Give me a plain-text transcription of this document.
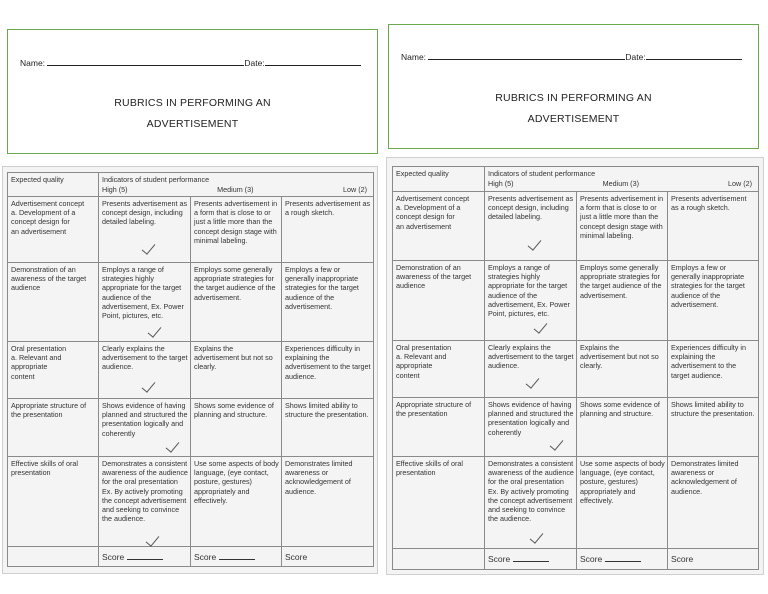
Name:	Date:
RUBRICS IN PERFORMING AN
ADVERTISEMENT
Expected quality	Indicators of student performance
High (5) Medium (3) Low (2)		

Advertisement concept
a. Development of a
concept design for
an advertisement	Presents advertisement as concept design, including detailed labeling.	Presents advertisement in a form that is close to or just a little more than the concept design stage with minimal labeling.	Presents advertisement as a rough sketch.
Demonstration of an awareness of the target audience	Employs a range of strategies highly appropriate for the target audience of the advertisement, Ex. Power Point, pictures, etc.	Employs some generally appropriate strategies for the target audience of the advertisement.	Employs a few or generally inappropriate strategies for the target audience of the advertisement.
Oral presentation
a. Relevant and
appropriate
content	Clearly explains the advertisement to the target audience.	Explains the advertisement but not so clearly.	Experiences difficulty in explaining the advertisement to the target audience.
Appropriate structure of the presentation	Shows evidence of having planned and structured the presentation logically and coherently	Shows some evidence of planning and structure.	Shows limited ability to structure the presentation.
Effective skills of oral presentation	Demonstrates a consistent awareness of the audience for the oral presentation Ex. By actively promoting the concept advertisement and seeking to convince the audience.	Use some aspects of body language, (eye contact, posture, gestures) appropriately and effectively.	Demonstrates limited awareness or acknowledgement of audience.
	Score	Score	Score
Name:	Date:
RUBRICS IN PERFORMING AN
ADVERTISEMENT
Expected quality	Indicators of student performance
High (5) Medium (3) Low (2)		

Advertisement concept
a. Development of a
concept design for
an advertisement	Presents advertisement as concept design, including detailed labeling.	Presents advertisement in a form that is close to or just a little more than the concept design stage with minimal labeling.	Presents advertisement as a rough sketch.
Demonstration of an awareness of the target audience	Employs a range of strategies highly appropriate for the target audience of the advertisement, Ex. Power Point, pictures, etc.	Employs some generally appropriate strategies for the target audience of the advertisement.	Employs a few or generally inappropriate strategies for the target audience of the advertisement.
Oral presentation
a. Relevant and
appropriate
content	Clearly explains the advertisement to the target audience.	Explains the advertisement but not so clearly.	Experiences difficulty in explaining the advertisement to the target audience.
Appropriate structure of the presentation	Shows evidence of having planned and structured the presentation logically and coherently	Shows some evidence of planning and structure.	Shows limited ability to structure the presentation.
Effective skills of oral presentation	Demonstrates a consistent awareness of the audience for the oral presentation Ex. By actively promoting the concept advertisement and seeking to convince the audience.	Use some aspects of body language, (eye contact, posture, gestures) appropriately and effectively.	Demonstrates limited awareness or acknowledgement of audience.
	Score	Score	Score
